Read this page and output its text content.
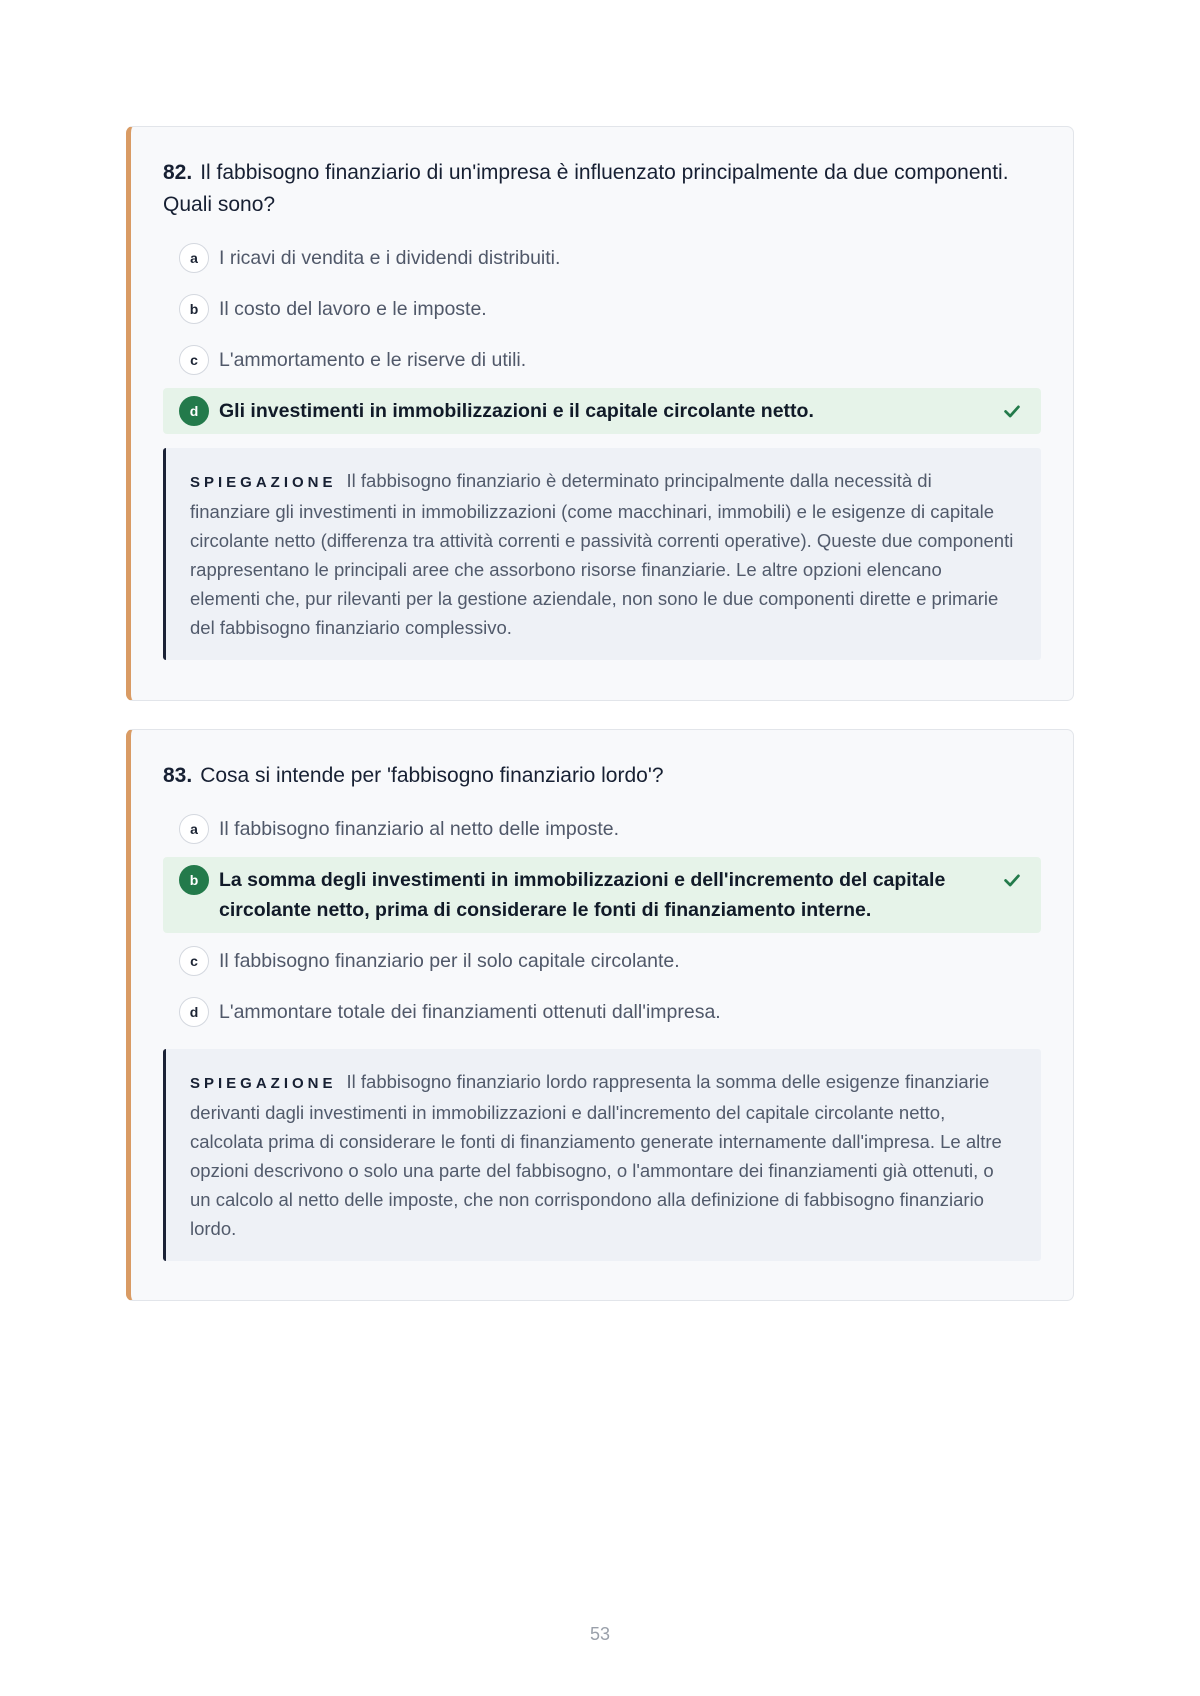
82. Il fabbisogno finanziario di un'impresa è influenzato principalmente da due componenti. Quali sono?

a	I ricavi di vendita e i dividendi distribuiti.
b	Il costo del lavoro e le imposte.
c	L'ammortamento e le riserve di utili.
d	Gli investimenti in immobilizzazioni e il capitale circolante netto.
SPIEGAZIONE Il fabbisogno finanziario è determinato principalmente dalla necessità di finanziare gli investimenti in immobilizzazioni (come macchinari, immobili) e le esigenze di capitale circolante netto (differenza tra attività correnti e passività correnti operative). Queste due componenti rappresentano le principali aree che assorbono risorse finanziarie. Le altre opzioni elencano elementi che, pur rilevanti per la gestione aziendale, non sono le due componenti dirette e primarie del fabbisogno finanziario complessivo.

83. Cosa si intende per 'fabbisogno finanziario lordo'?

a	Il fabbisogno finanziario al netto delle imposte.
b	La somma degli investimenti in immobilizzazioni e dell'incremento del capitale circolante netto, prima di considerare le fonti di finanziamento interne.
c	Il fabbisogno finanziario per il solo capitale circolante.
d	L'ammontare totale dei finanziamenti ottenuti dall'impresa.
SPIEGAZIONE Il fabbisogno finanziario lordo rappresenta la somma delle esigenze finanziarie derivanti dagli investimenti in immobilizzazioni e dall'incremento del capitale circolante netto, calcolata prima di considerare le fonti di finanziamento generate internamente dall'impresa. Le altre opzioni descrivono o solo una parte del fabbisogno, o l'ammontare dei finanziamenti già ottenuti, o un calcolo al netto delle imposte, che non corrispondono alla definizione di fabbisogno finanziario lordo.
53
